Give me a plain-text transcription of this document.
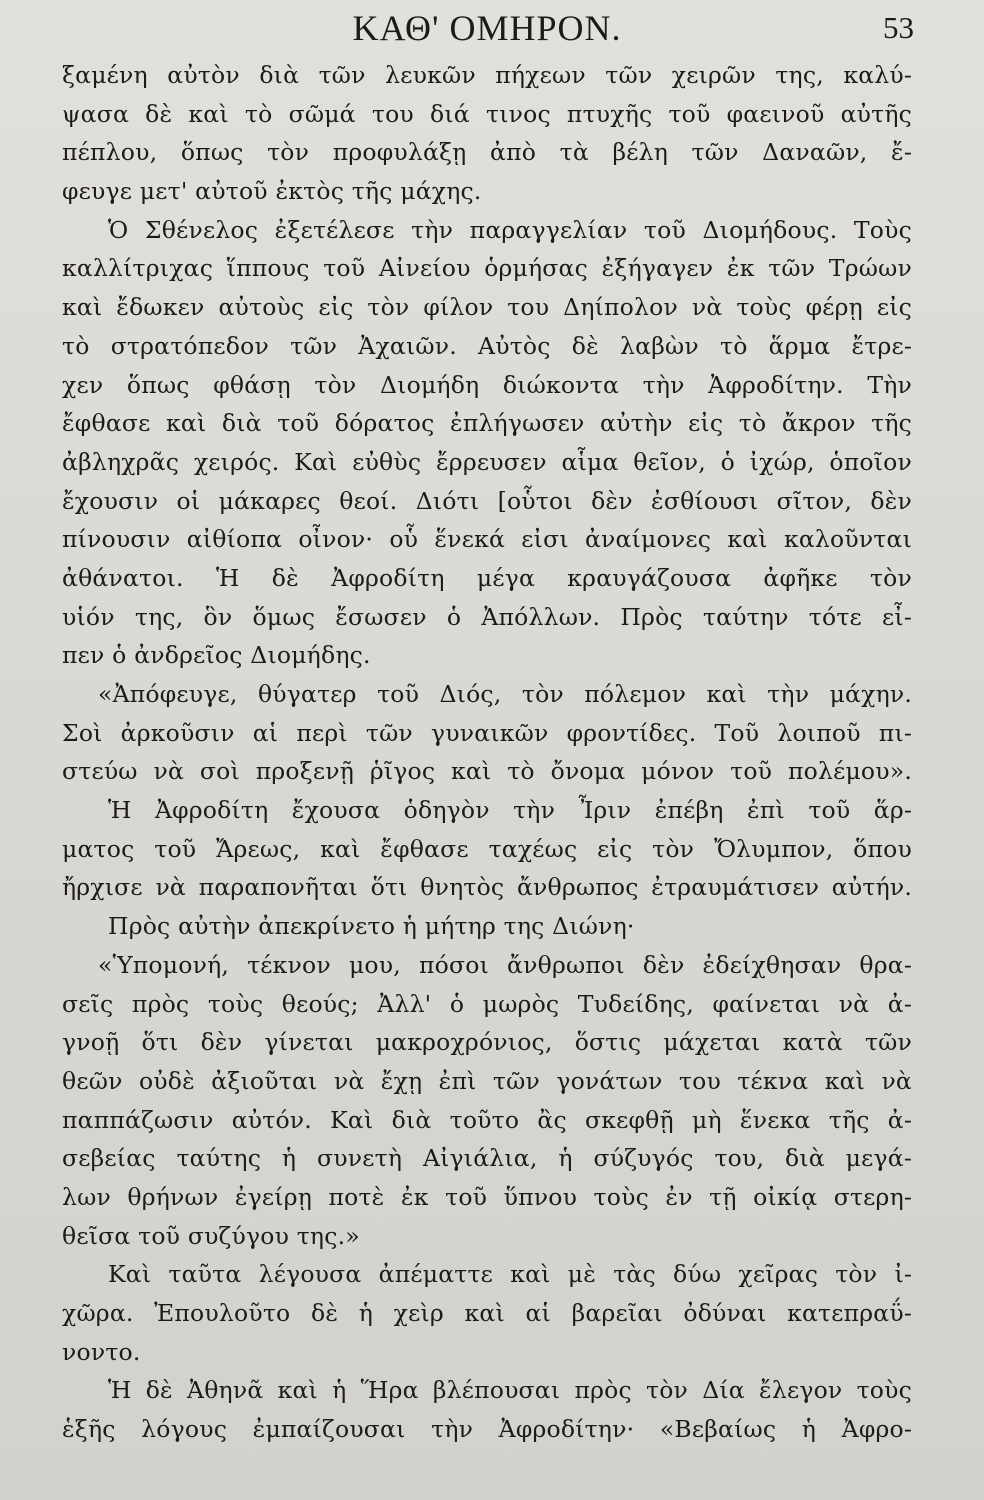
ΚΑΘ' ΟΜΗΡΟΝ.	53
ξαμένη αὐτὸν διὰ τῶν λευκῶν πήχεων τῶν χειρῶν της, καλύ-
ψασα δὲ καὶ τὸ σῶμά του διά τινος πτυχῆς τοῦ φαεινοῦ αὐτῆς
πέπλου, ὅπως τὸν προφυλάξῃ ἀπὸ τὰ βέλη τῶν Δαναῶν, ἔ-
φευγε μετ' αὐτοῦ ἐκτὸς τῆς μάχης.
Ὁ Σθένελος ἐξετέλεσε τὴν παραγγελίαν τοῦ Διομήδους. Τοὺς
καλλίτριχας ἵππους τοῦ Αἰνείου ὁρμήσας ἐξήγαγεν ἐκ τῶν Τρώων
καὶ ἔδωκεν αὐτοὺς εἰς τὸν φίλον του Δηίπολον νὰ τοὺς φέρῃ εἰς
τὸ στρατόπεδον τῶν Ἀχαιῶν. Αὐτὸς δὲ λαβὼν τὸ ἅρμα ἔτρε-
χεν ὅπως φθάσῃ τὸν Διομήδη διώκοντα τὴν Ἀφροδίτην. Τὴν
ἔφθασε καὶ διὰ τοῦ δόρατος ἐπλήγωσεν αὐτὴν εἰς τὸ ἄκρον τῆς
ἀβληχρᾶς χειρός. Καὶ εὐθὺς ἔρρευσεν αἷμα θεῖον, ὁ ἰχώρ, ὁποῖον
ἔχουσιν οἱ μάκαρες θεοί. Διότι [οὗτοι δὲν ἐσθίουσι σῖτον, δὲν
πίνουσιν αἰθίοπα οἶνον· οὗ ἕνεκά εἰσι ἀναίμονες καὶ καλοῦνται
ἀθάνατοι. Ἡ δὲ Ἀφροδίτη μέγα κραυγάζουσα ἀφῆκε τὸν
υἱόν της, ὃν ὅμως ἔσωσεν ὁ Ἀπόλλων. Πρὸς ταύτην τότε εἶ-
πεν ὁ ἀνδρεῖος Διομήδης.
«Ἀπόφευγε, θύγατερ τοῦ Διός, τὸν πόλεμον καὶ τὴν μάχην.
Σοὶ ἀρκοῦσιν αἱ περὶ τῶν γυναικῶν φροντίδες. Τοῦ λοιποῦ πι-
στεύω νὰ σοὶ προξενῇ ῥῖγος καὶ τὸ ὄνομα μόνον τοῦ πολέμου».
Ἡ Ἀφροδίτη ἔχουσα ὁδηγὸν τὴν Ἶριν ἐπέβη ἐπὶ τοῦ ἅρ-
ματος τοῦ Ἄρεως, καὶ ἔφθασε ταχέως εἰς τὸν Ὄλυμπον, ὅπου
ἤρχισε νὰ παραπονῆται ὅτι θνητὸς ἄνθρωπος ἐτραυμάτισεν αὐτήν.
Πρὸς αὐτὴν ἀπεκρίνετο ἡ μήτηρ της Διώνη·
«Ὑπομονή, τέκνον μου, πόσοι ἄνθρωποι δὲν ἐδείχθησαν θρα-
σεῖς πρὸς τοὺς θεούς; Ἀλλ' ὁ μωρὸς Τυδείδης, φαίνεται νὰ ἀ-
γνοῇ ὅτι δὲν γίνεται μακροχρόνιος, ὅστις μάχεται κατὰ τῶν
θεῶν οὐδὲ ἀξιοῦται νὰ ἔχῃ ἐπὶ τῶν γονάτων του τέκνα καὶ νὰ
παππάζωσιν αὐτόν. Καὶ διὰ τοῦτο ἂς σκεφθῇ μὴ ἕνεκα τῆς ἀ-
σεβείας ταύτης ἡ συνετὴ Αἰγιάλια, ἡ σύζυγός του, διὰ μεγά-
λων θρήνων ἐγείρῃ ποτὲ ἐκ τοῦ ὕπνου τοὺς ἐν τῇ οἰκίᾳ στερη-
θεῖσα τοῦ συζύγου της.»
Καὶ ταῦτα λέγουσα ἀπέματτε καὶ μὲ τὰς δύω χεῖρας τὸν ἰ-
χῶρα. Ἐπουλοῦτο δὲ ἡ χεὶρ καὶ αἱ βαρεῖαι ὀδύναι κατεπραΰ-
νοντο.
Ἡ δὲ Ἀθηνᾶ καὶ ἡ Ἥρα βλέπουσαι πρὸς τὸν Δία ἔλεγον τοὺς
ἑξῆς λόγους ἐμπαίζουσαι τὴν Ἀφροδίτην· «Βεβαίως ἡ Ἀφρο-
